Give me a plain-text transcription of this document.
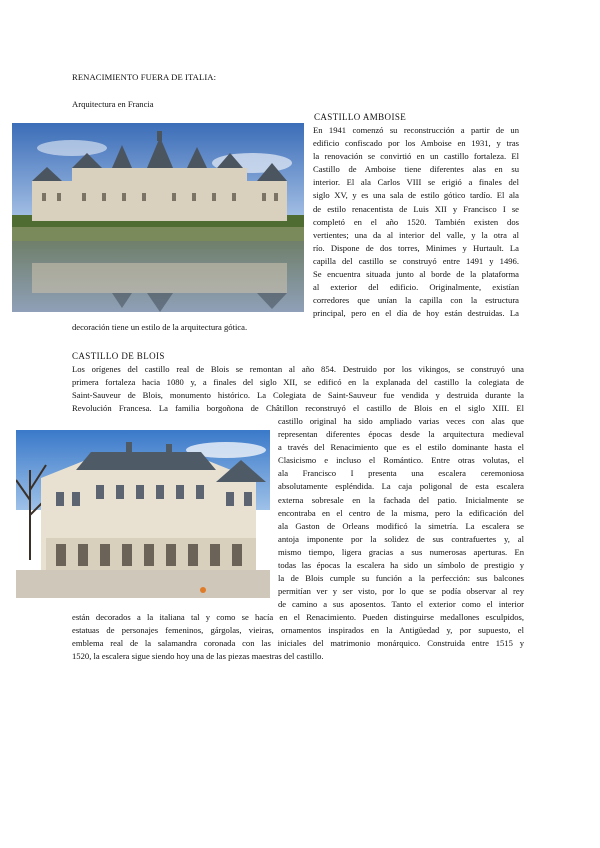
RENACIMIENTO FUERA DE ITALIA:
Arquitectura en Francia
CASTILLO AMBOISE
En 1941 comenzó su reconstrucción a partir de un
edificio confiscado por los Amboise en 1931, y tras
la renovación se convirtió en un castillo fortaleza. El
Castillo de Amboise tiene diferentes alas en su
interior. El ala Carlos VIII se erigió a finales del
siglo XV, y es una sala de estilo gótico tardío. El ala
de estilo renacentista de Luis XII y Francisco I se
completó en el año 1520. También existen dos
vertientes; una da al interior del valle, y la otra al
río. Dispone de dos torres, Minimes y Hurtault. La
capilla del castillo se construyó entre 1491 y 1496.
Se encuentra situada junto al borde de la plataforma
al exterior del edificio. Originalmente, existían
corredores que unían la capilla con la estructura
principal, pero en el día de hoy están destruidas. La
decoración tiene un estilo de la arquitectura gótica.
CASTILLO DE BLOIS
Los orígenes del castillo real de Blois se remontan al año 854. Destruido por los vikingos, se construyó una
primera fortaleza hacia 1080 y, a finales del siglo XII, se edificó en la explanada del castillo la colegiata de
Saint-Sauveur de Blois, monumento histórico. La Colegiata de Saint-Sauveur fue vendida y destruida durante la
Revolución Francesa. La familia borgoñona de Châtillon reconstruyó el castillo de Blois en el siglo XIII. El
castillo original ha sido ampliado varias veces con alas que
representan diferentes épocas desde la arquitectura medieval
a través del Renacimiento que es el estilo dominante hasta el
Clasicismo e incluso el Romántico. Entre otras volutas, el
ala Francisco I presenta una escalera ceremoniosa
absolutamente espléndida. La caja poligonal de esta escalera
externa sobresale en la fachada del patio. Inicialmente se
encontraba en el centro de la misma, pero la edificación del
ala Gaston de Orleans modificó la simetría. La escalera se
antoja imponente por la solidez de sus contrafuertes y, al
mismo tiempo, ligera gracias a sus numerosas aperturas. En
todas las épocas la escalera ha sido un símbolo de prestigio y
la de Blois cumple su función a la perfección: sus balcones
permitían ver y ser visto, por lo que se podía observar al rey
de camino a sus aposentos. Tanto el exterior como el interior
están decorados a la italiana tal y como se hacía en el Renacimiento. Pueden distinguirse medallones esculpidos,
estatuas de personajes femeninos, gárgolas, vieiras, ornamentos inspirados en la Antigüedad y, por supuesto, el
emblema real de la salamandra coronada con las iniciales del matrimonio monárquico. Construida entre 1515 y
1520, la escalera sigue siendo hoy una de las piezas maestras del castillo.
